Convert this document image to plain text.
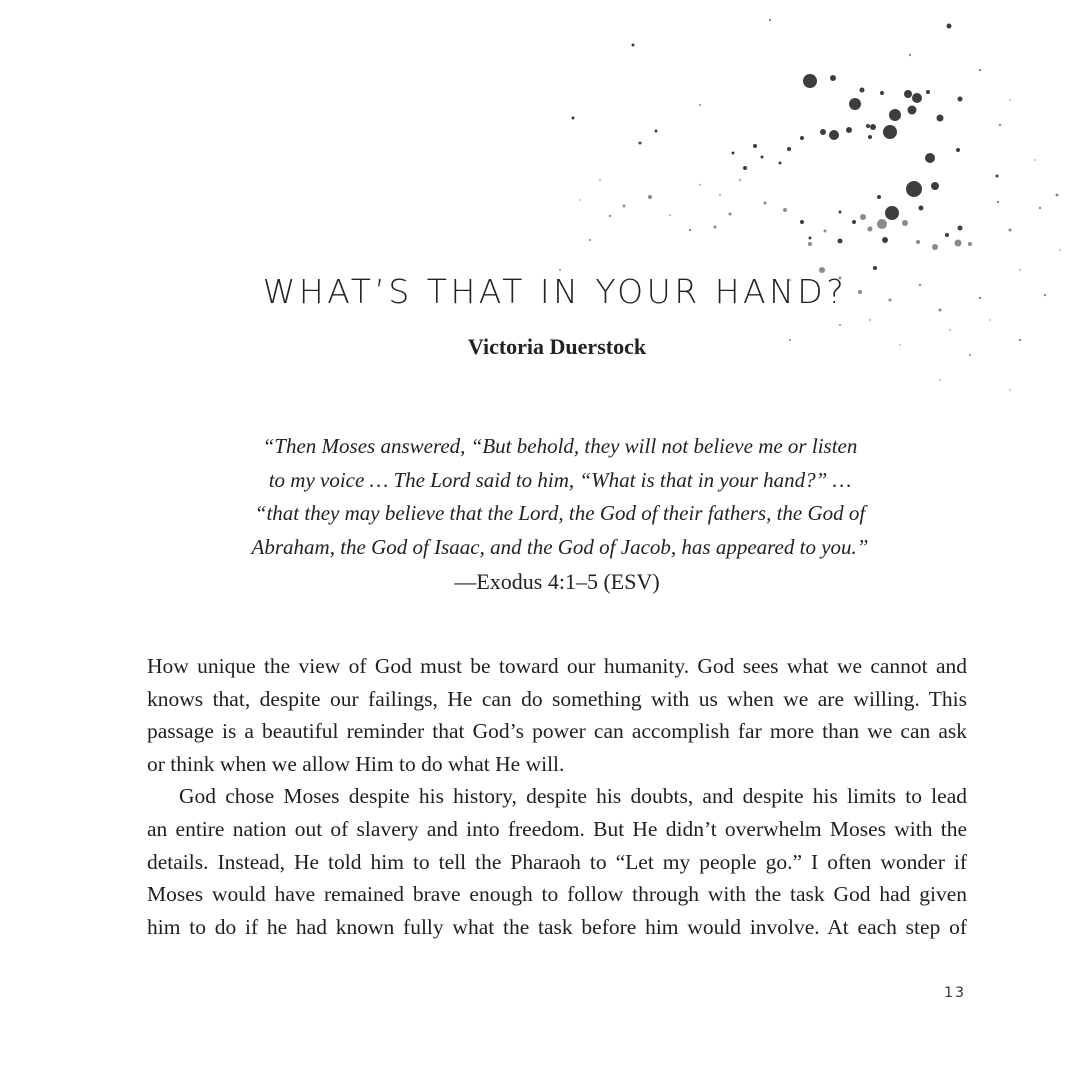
WHAT’S THAT IN YOUR HAND?

Victoria Duerstock

“Then Moses answered, “But behold, they will not believe me or listen
to my voice … The Lord said to him, “What is that in your hand?” …
“that they may believe that the Lord, the God of their fathers, the God of
Abraham, the God of Isaac, and the God of Jacob, has appeared to you.”

—Exodus 4:1–5 (ESV)

How unique the view of God must be toward our humanity. God sees what we cannot and
knows that, despite our failings, He can do something with us when we are willing. This
passage is a beautiful reminder that God’s power can accomplish far more than we can ask
or think when we allow Him to do what He will.
God chose Moses despite his history, despite his doubts, and despite his limits to lead
an entire nation out of slavery and into freedom. But He didn’t overwhelm Moses with the
details. Instead, He told him to tell the Pharaoh to “Let my people go.” I often wonder if
Moses would have remained brave enough to follow through with the task God had given
him to do if he had known fully what the task before him would involve. At each step of

13
